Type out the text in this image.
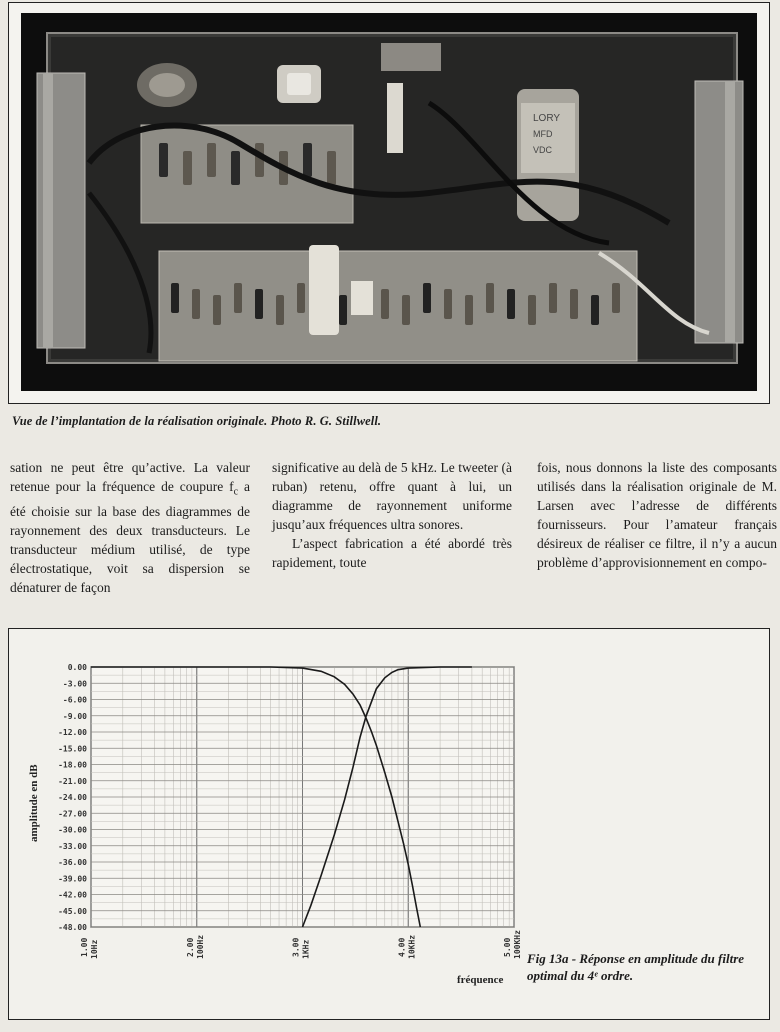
LORY
MFD
VDC
Vue de l’implantation de la réalisation originale. Photo R. G. Stillwell.

sation ne peut être qu’active. La valeur retenue pour la fréquence de coupure $f_c$ a été choisie sur la base des diagrammes de rayonnement des deux transducteurs. Le transducteur médium utilisé, de type électrostatique, voit sa dispersion se dénaturer de façon

significative au delà de 5 kHz. Le tweeter (à ruban) retenu, offre quant à lui, un diagramme de rayonnement uniforme jusqu’aux fréquences ultra sonores.

L’aspect fabrication a été abordé très rapidement, toute

fois, nous donnons la liste des composants utilisés dans la réalisation originale de M. Larsen avec l’adresse de différents fournisseurs. Pour l’amateur français désireux de réaliser ce filtre, il n’y a aucun problème d’approvisionnement en compo-

0.00
-3.00
-6.00
-9.00
-12.00
-15.00
-18.00
-21.00
-24.00
-27.00
-30.00
-33.00
-36.00
-39.00
-42.00
-45.00
-48.00
1.00 10Hz	2.00 100Hz	3.00 1KHz	4.00 10KHz	5.00 100KHz
amplitude en dB
fréquence
Fig 13a - Réponse en amplitude du filtre optimal du 4ᵉ ordre.
